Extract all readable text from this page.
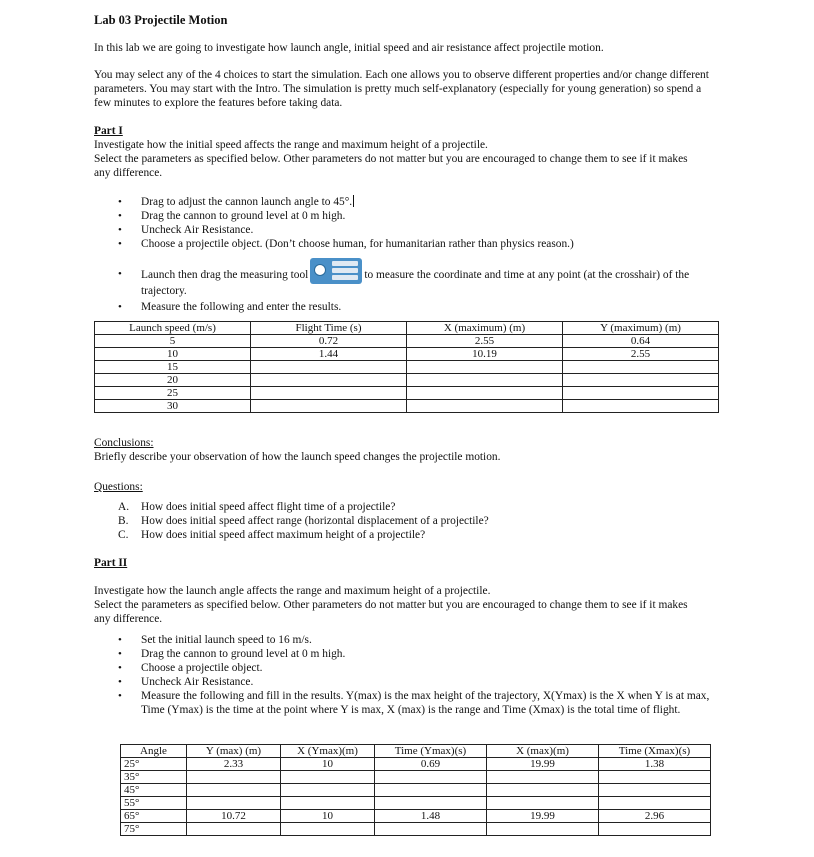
Lab 03 Projectile Motion

In this lab we are going to investigate how launch angle, initial speed and air resistance affect projectile motion.

You may select any of the 4 choices to start the simulation. Each one allows you to observe different properties and/or change different parameters. You may start with the Intro. The simulation is pretty much self-explanatory (especially for young generation) so spend a few minutes to explore the features before taking data.

Part I
Investigate how the initial speed affects the range and maximum height of a projectile.
Select the parameters as specified below. Other parameters do not matter but you are encouraged to change them to see if it makes any difference.
• Drag to adjust the cannon launch angle to 45°.
• Drag the cannon to ground level at 0 m high.
• Uncheck Air Resistance.
• Choose a projectile object. (Don’t choose human, for humanitarian rather than physics reason.)
• Launch then drag the measuring tool	to measure the coordinate and time at any point (at the crosshair) of the trajectory.
• Measure the following and enter the results.
Launch speed (m/s)	Flight Time (s)	X (maximum) (m)	Y (maximum) (m)
5	0.72	2.55	0.64
10	1.44	10.19	2.55
15			
20			
25			
30			
Conclusions:
Briefly describe your observation of how the launch speed changes the projectile motion.
Questions:
A. How does initial speed affect flight time of a projectile?
B. How does initial speed affect range (horizontal displacement of a projectile?
C. How does initial speed affect maximum height of a projectile?
Part II
Investigate how the launch angle affects the range and maximum height of a projectile.
Select the parameters as specified below. Other parameters do not matter but you are encouraged to change them to see if it makes any difference.
• Set the initial launch speed to 16 m/s.
• Drag the cannon to ground level at 0 m high.
• Choose a projectile object.
• Uncheck Air Resistance.
• Measure the following and fill in the results. Y(max) is the max height of the trajectory, X(Ymax) is the X when Y is at max, Time (Ymax) is the time at the point where Y is max, X (max) is the range and Time (Xmax) is the total time of flight.
Angle	Y (max) (m)	X (Ymax)(m)	Time (Ymax)(s)	X (max)(m)	Time (Xmax)(s)
25°	2.33	10	0.69	19.99	1.38
35°					
45°					
55°					
65°	10.72	10	1.48	19.99	2.96
75°					
